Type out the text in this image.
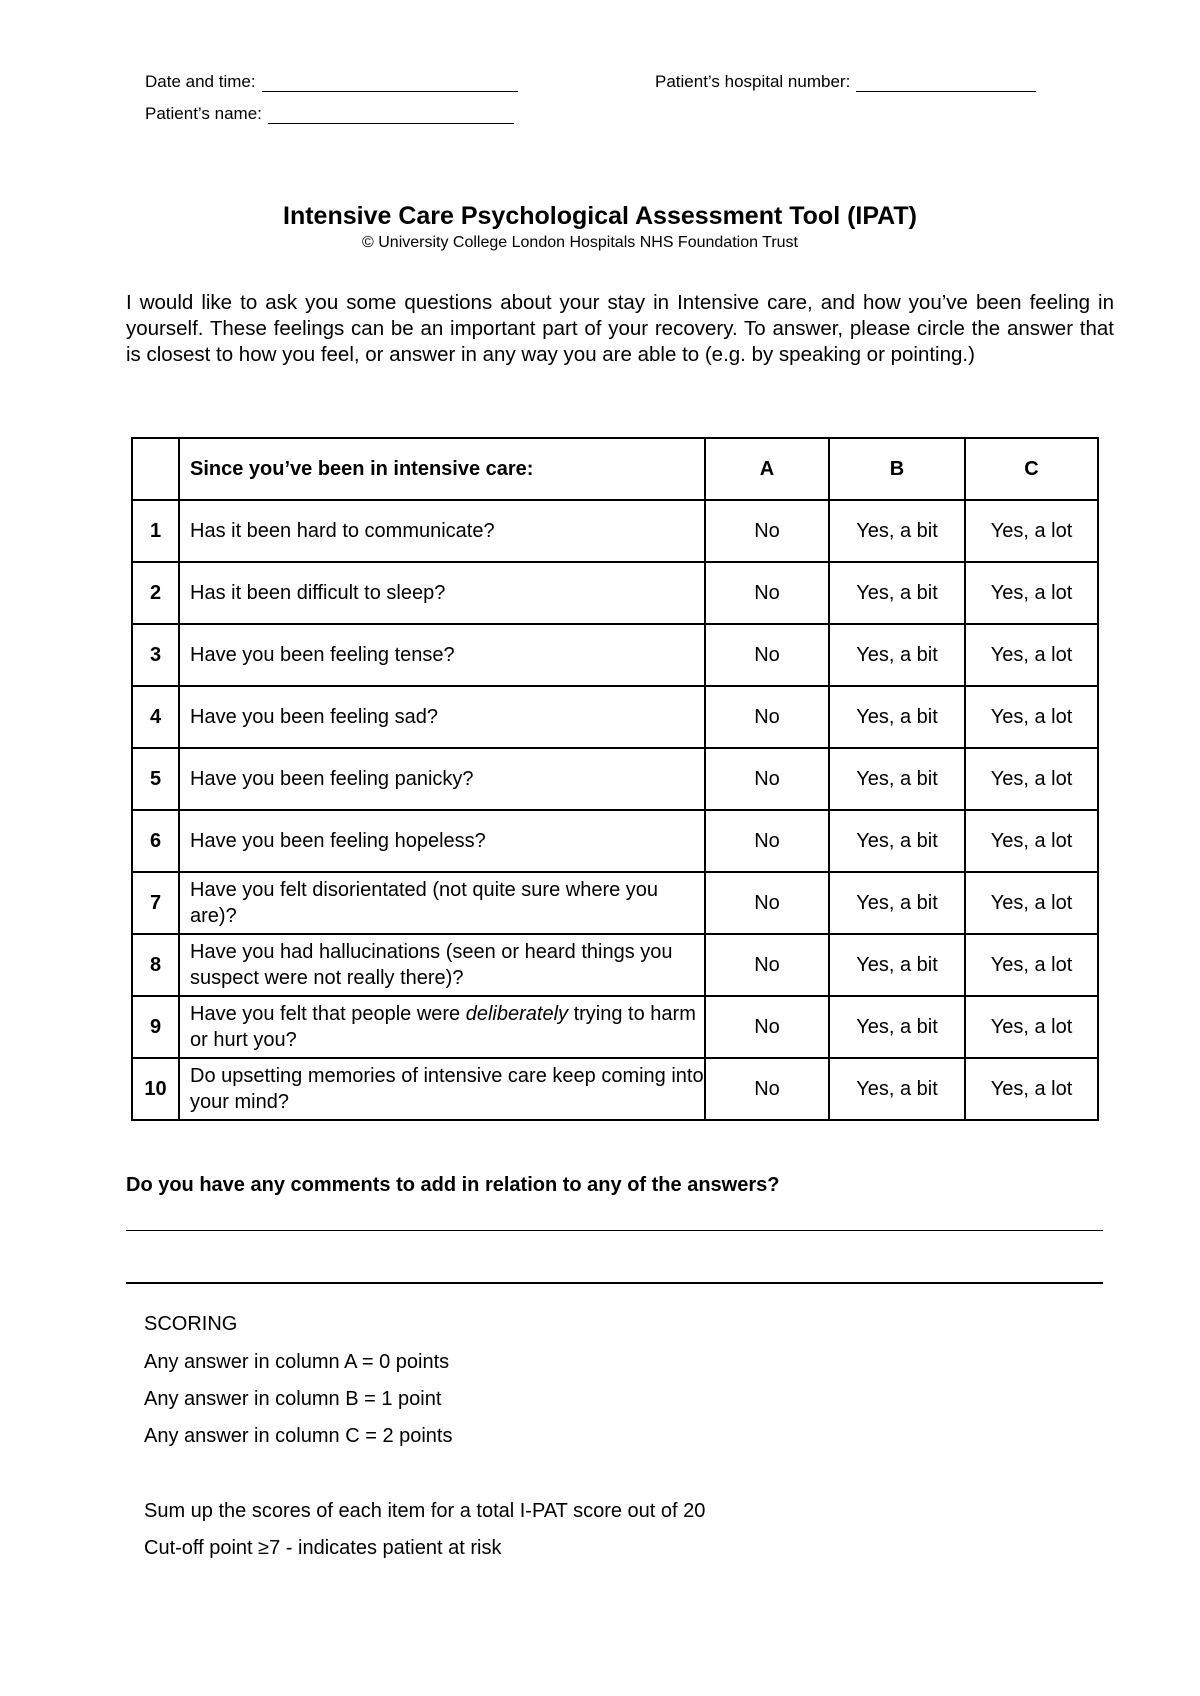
Date and time:	Patient’s hospital number:
Patient’s name:
Intensive Care Psychological Assessment Tool (IPAT)
© University College London Hospitals NHS Foundation Trust
I would like to ask you some questions about your stay in Intensive care, and how you’ve been feeling in yourself. These feelings can be an important part of your recovery. To answer, please circle the answer that is closest to how you feel, or answer in any way you are able to (e.g. by speaking or pointing.)
	Since you’ve been in intensive care:	A	B	C
1	Has it been hard to communicate?	No	Yes, a bit	Yes, a lot
2	Has it been difficult to sleep?	No	Yes, a bit	Yes, a lot
3	Have you been feeling tense?	No	Yes, a bit	Yes, a lot
4	Have you been feeling sad?	No	Yes, a bit	Yes, a lot
5	Have you been feeling panicky?	No	Yes, a bit	Yes, a lot
6	Have you been feeling hopeless?	No	Yes, a bit	Yes, a lot
7	Have you felt disorientated (not quite sure where you are)?	No	Yes, a bit	Yes, a lot
8	Have you had hallucinations (seen or heard things you suspect were not really there)?	No	Yes, a bit	Yes, a lot
9	Have you felt that people were deliberately trying to harm or hurt you?	No	Yes, a bit	Yes, a lot
10	Do upsetting memories of intensive care keep coming into your mind?	No	Yes, a bit	Yes, a lot
Do you have any comments to add in relation to any of the answers?
SCORING
Any answer in column A = 0 points
Any answer in column B = 1 point
Any answer in column C = 2 points
Sum up the scores of each item for a total I-PAT score out of 20
Cut-off point ≥7 - indicates patient at risk
